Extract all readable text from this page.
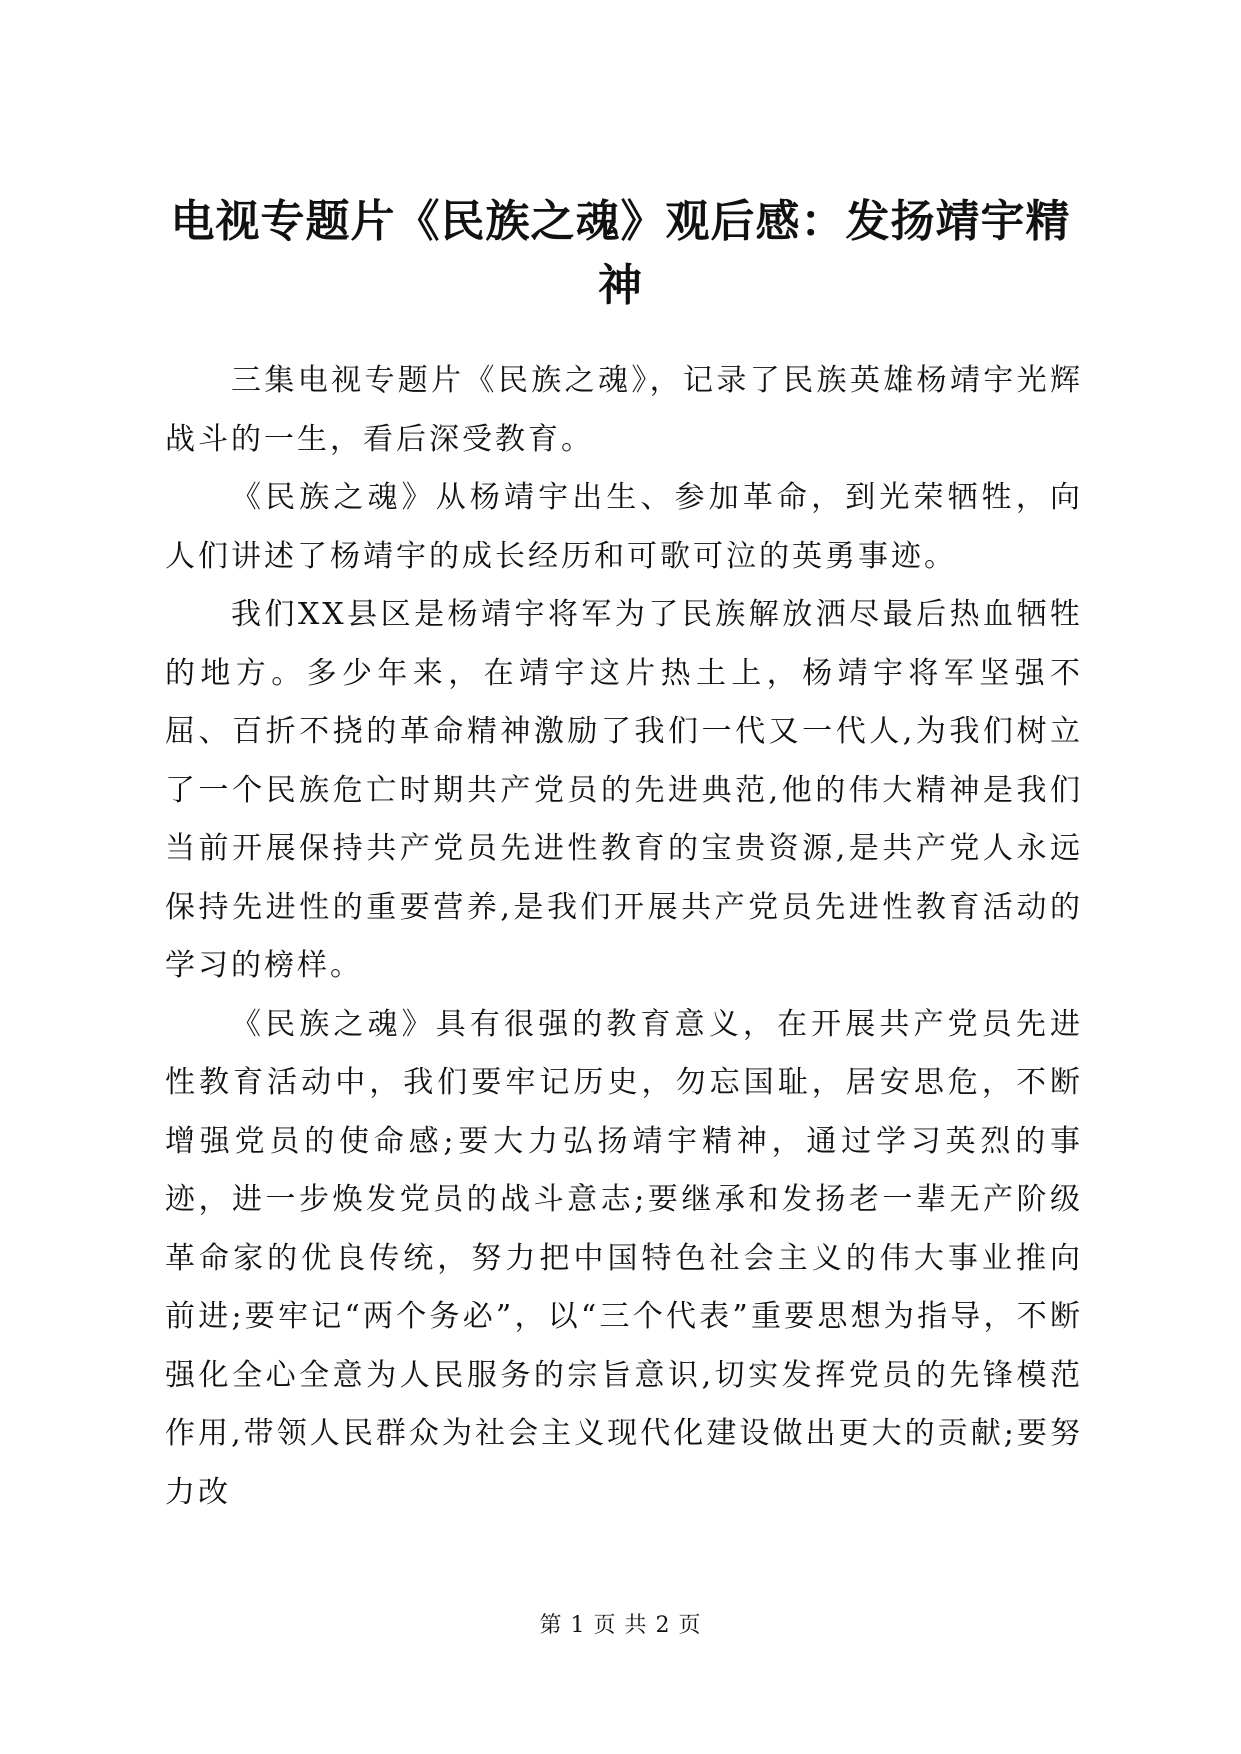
电视专题片《民族之魂》观后感：发扬靖宇精神

三集电视专题片《民族之魂》，记录了民族英雄杨靖宇光辉战斗的一生，看后深受教育。

《民族之魂》从杨靖宇出生、参加革命，到光荣牺牲，向人们讲述了杨靖宇的成长经历和可歌可泣的英勇事迹。

我们XX县区是杨靖宇将军为了民族解放洒尽最后热血牺牲的地方。多少年来，在靖宇这片热土上，杨靖宇将军坚强不屈、百折不挠的革命精神激励了我们一代又一代人,为我们树立了一个民族危亡时期共产党员的先进典范,他的伟大精神是我们当前开展保持共产党员先进性教育的宝贵资源,是共产党人永远保持先进性的重要营养,是我们开展共产党员先进性教育活动的学习的榜样。

《民族之魂》具有很强的教育意义，在开展共产党员先进性教育活动中，我们要牢记历史，勿忘国耻，居安思危，不断增强党员的使命感;要大力弘扬靖宇精神，通过学习英烈的事迹，进一步焕发党员的战斗意志;要继承和发扬老一辈无产阶级革命家的优良传统，努力把中国特色社会主义的伟大事业推向前进;要牢记“两个务必”，以“三个代表”重要思想为指导，不断强化全心全意为人民服务的宗旨意识,切实发挥党员的先锋模范作用,带领人民群众为社会主义现代化建设做出更大的贡献;要努力改

第 1 页 共 2 页
